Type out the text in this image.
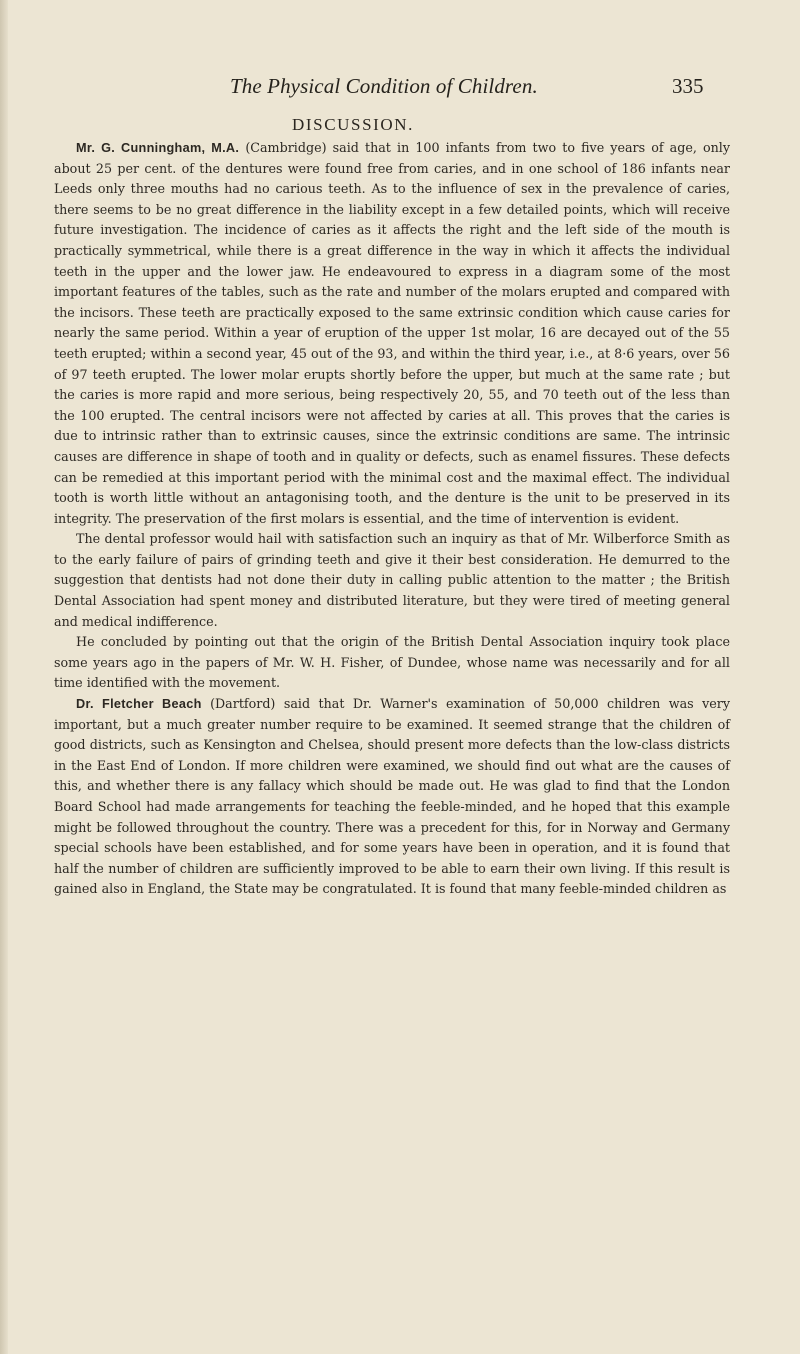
The Physical Condition of Children.	335
DISCUSSION.

Mr. G. Cunningham, M.A. (Cambridge) said that in 100 infants from two to five years of age, only about 25 per cent. of the dentures were found free from caries, and in one school of 186 infants near Leeds only three mouths had no carious teeth. As to the influence of sex in the prevalence of caries, there seems to be no great difference in the liability except in a few detailed points, which will receive future investigation. The incidence of caries as it affects the right and the left side of the mouth is practically symmetrical, while there is a great difference in the way in which it affects the individual teeth in the upper and the lower jaw. He endeavoured to express in a diagram some of the most important features of the tables, such as the rate and number of the molars erupted and compared with the incisors. These teeth are practically exposed to the same extrinsic condition which cause caries for nearly the same period. Within a year of eruption of the upper 1st molar, 16 are decayed out of the 55 teeth erupted; within a second year, 45 out of the 93, and within the third year, i.e., at 8·6 years, over 56 of 97 teeth erupted. The lower molar erupts shortly before the upper, but much at the same rate ; but the caries is more rapid and more serious, being respectively 20, 55, and 70 teeth out of the less than the 100 erupted. The central incisors were not affected by caries at all. This proves that the caries is due to intrinsic rather than to extrinsic causes, since the extrinsic conditions are same. The intrinsic causes are difference in shape of tooth and in quality or defects, such as enamel fissures. These defects can be remedied at this important period with the minimal cost and the maximal effect. The individual tooth is worth little without an antagonising tooth, and the denture is the unit to be preserved in its integrity. The preservation of the first molars is essential, and the time of intervention is evident.

The dental professor would hail with satisfaction such an inquiry as that of Mr. Wilberforce Smith as to the early failure of pairs of grinding teeth and give it their best consideration. He demurred to the suggestion that dentists had not done their duty in calling public attention to the matter ; the British Dental Association had spent money and distributed literature, but they were tired of meeting general and medical indifference.

He concluded by pointing out that the origin of the British Dental Association inquiry took place some years ago in the papers of Mr. W. H. Fisher, of Dundee, whose name was necessarily and for all time identified with the movement.

Dr. Fletcher Beach (Dartford) said that Dr. Warner's examination of 50,000 children was very important, but a much greater number require to be examined. It seemed strange that the children of good districts, such as Kensington and Chelsea, should present more defects than the low-class districts in the East End of London. If more children were examined, we should find out what are the causes of this, and whether there is any fallacy which should be made out. He was glad to find that the London Board School had made arrangements for teaching the feeble-minded, and he hoped that this example might be followed throughout the country. There was a precedent for this, for in Norway and Germany special schools have been established, and for some years have been in operation, and it is found that half the number of children are sufficiently improved to be able to earn their own living. If this result is gained also in England, the State may be congratulated. It is found that many feeble-minded children as
